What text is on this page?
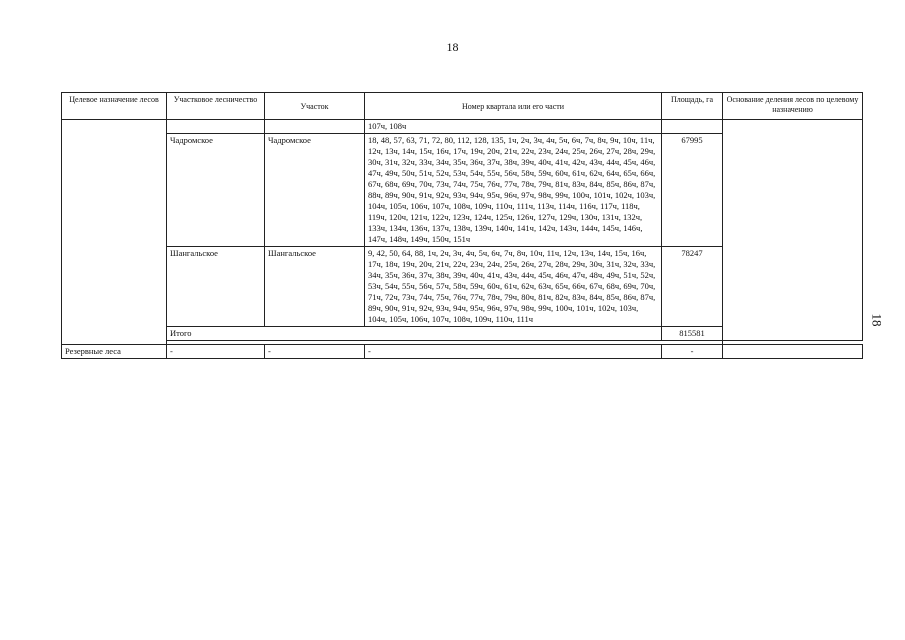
18
18
Целевое назначение лесов	Участковое лесничество	Участок	Номер квартала или его части	Площадь, га	Основание деления лесов по целевому назначению
			107ч, 108ч		
	Чадромское	Чадромское	18, 48, 57, 63, 71, 72, 80, 112, 128, 135, 1ч, 2ч, 3ч, 4ч, 5ч, 6ч, 7ч, 8ч, 9ч, 10ч, 11ч, 12ч, 13ч, 14ч, 15ч, 16ч, 17ч, 19ч, 20ч, 21ч, 22ч, 23ч, 24ч, 25ч, 26ч, 27ч, 28ч, 29ч, 30ч, 31ч, 32ч, 33ч, 34ч, 35ч, 36ч, 37ч, 38ч, 39ч, 40ч, 41ч, 42ч, 43ч, 44ч, 45ч, 46ч, 47ч, 49ч, 50ч, 51ч, 52ч, 53ч, 54ч, 55ч, 56ч, 58ч, 59ч, 60ч, 61ч, 62ч, 64ч, 65ч, 66ч, 67ч, 68ч, 69ч, 70ч, 73ч, 74ч, 75ч, 76ч, 77ч, 78ч, 79ч, 81ч, 83ч, 84ч, 85ч, 86ч, 87ч, 88ч, 89ч, 90ч, 91ч, 92ч, 93ч, 94ч, 95ч, 96ч, 97ч, 98ч, 99ч, 100ч, 101ч, 102ч, 103ч, 104ч, 105ч, 106ч, 107ч, 108ч, 109ч, 110ч, 111ч, 113ч, 114ч, 116ч, 117ч, 118ч, 119ч, 120ч, 121ч, 122ч, 123ч, 124ч, 125ч, 126ч, 127ч, 129ч, 130ч, 131ч, 132ч, 133ч, 134ч, 136ч, 137ч, 138ч, 139ч, 140ч, 141ч, 142ч, 143ч, 144ч, 145ч, 146ч, 147ч, 148ч, 149ч, 150ч, 151ч	67995	
	Шангальское	Шангальское	9, 42, 50, 64, 88, 1ч, 2ч, 3ч, 4ч, 5ч, 6ч, 7ч, 8ч, 10ч, 11ч, 12ч, 13ч, 14ч, 15ч, 16ч, 17ч, 18ч, 19ч, 20ч, 21ч, 22ч, 23ч, 24ч, 25ч, 26ч, 27ч, 28ч, 29ч, 30ч, 31ч, 32ч, 33ч, 34ч, 35ч, 36ч, 37ч, 38ч, 39ч, 40ч, 41ч, 43ч, 44ч, 45ч, 46ч, 47ч, 48ч, 49ч, 51ч, 52ч, 53ч, 54ч, 55ч, 56ч, 57ч, 58ч, 59ч, 60ч, 61ч, 62ч, 63ч, 65ч, 66ч, 67ч, 68ч, 69ч, 70ч, 71ч, 72ч, 73ч, 74ч, 75ч, 76ч, 77ч, 78ч, 79ч, 80ч, 81ч, 82ч, 83ч, 84ч, 85ч, 86ч, 87ч, 89ч, 90ч, 91ч, 92ч, 93ч, 94ч, 95ч, 96ч, 97ч, 98ч, 99ч, 100ч, 101ч, 102ч, 103ч, 104ч, 105ч, 106ч, 107ч, 108ч, 109ч, 110ч, 111ч	78247	
	Итого			815581	

Резервные леса	-	-	-	-	
